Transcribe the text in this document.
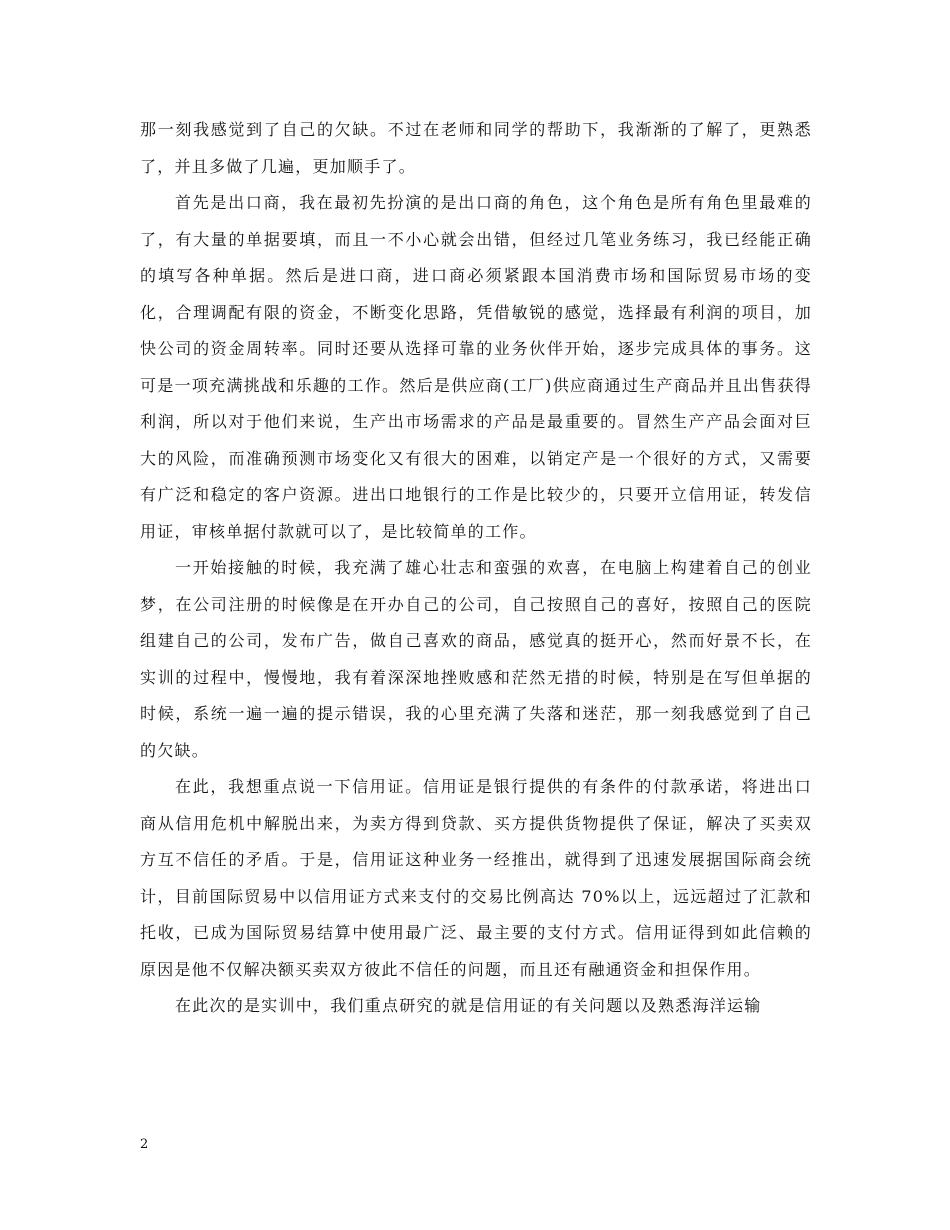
那一刻我感觉到了自己的欠缺。不过在老师和同学的帮助下，我渐渐的了解了，更熟悉了，并且多做了几遍，更加顺手了。

首先是出口商，我在最初先扮演的是出口商的角色，这个角色是所有角色里最难的了，有大量的单据要填，而且一不小心就会出错，但经过几笔业务练习，我已经能正确的填写各种单据。然后是进口商，进口商必须紧跟本国消费市场和国际贸易市场的变化，合理调配有限的资金，不断变化思路，凭借敏锐的感觉，选择最有利润的项目，加快公司的资金周转率。同时还要从选择可靠的业务伙伴开始，逐步完成具体的事务。这可是一项充满挑战和乐趣的工作。然后是供应商(工厂)供应商通过生产商品并且出售获得利润，所以对于他们来说，生产出市场需求的产品是最重要的。冒然生产产品会面对巨大的风险，而准确预测市场变化又有很大的困难，以销定产是一个很好的方式，又需要有广泛和稳定的客户资源。进出口地银行的工作是比较少的，只要开立信用证，转发信用证，审核单据付款就可以了，是比较简单的工作。

一开始接触的时候，我充满了雄心壮志和蛮强的欢喜，在电脑上构建着自己的创业梦，在公司注册的时候像是在开办自己的公司，自己按照自己的喜好，按照自己的医院组建自己的公司，发布广告，做自己喜欢的商品，感觉真的挺开心，然而好景不长，在实训的过程中，慢慢地，我有着深深地挫败感和茫然无措的时候，特别是在写但单据的时候，系统一遍一遍的提示错误，我的心里充满了失落和迷茫，那一刻我感觉到了自己的欠缺。

在此，我想重点说一下信用证。信用证是银行提供的有条件的付款承诺，将进出口商从信用危机中解脱出来，为卖方得到贷款、买方提供货物提供了保证，解决了买卖双方互不信任的矛盾。于是，信用证这种业务一经推出，就得到了迅速发展据国际商会统计，目前国际贸易中以信用证方式来支付的交易比例高达 70%以上，远远超过了汇款和托收，已成为国际贸易结算中使用最广泛、最主要的支付方式。信用证得到如此信赖的原因是他不仅解决额买卖双方彼此不信任的问题，而且还有融通资金和担保作用。

在此次的是实训中，我们重点研究的就是信用证的有关问题以及熟悉海洋运输

2
